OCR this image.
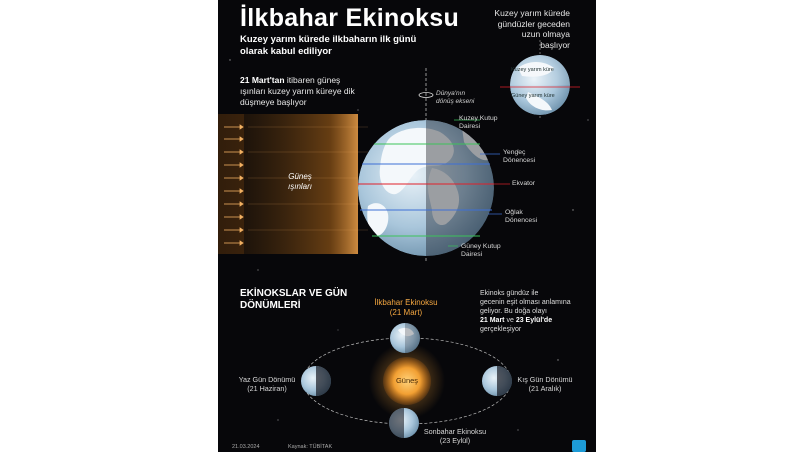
İlkbahar Ekinoksu
Kuzey yarım kürede ilkbaharın ilk günü
olarak kabul ediliyor
Kuzey yarım kürede
gündüzler geceden
uzun olmaya
başlıyor
Kuzey yarım küre
Güney yarım küre
21 Mart'tan itibaren güneş
ışınları kuzey yarım küreye dik
düşmeye başlıyor
Güneş
ışınları
Dünya'nın
dönüş ekseni
Kuzey Kutup
Dairesi
Yengeç
Dönencesi
Ekvator
Oğlak
Dönencesi
Güney Kutup
Dairesi
EKİNOKSLAR VE GÜN
DÖNÜMLERİ
Ekinoks gündüz ile
gecenin eşit olması anlamına
geliyor. Bu doğa olayı
21 Mart ve 23 Eylül'de
gerçekleşiyor
İlkbahar Ekinoksu
(21 Mart)
Yaz Gün Dönümü
(21 Haziran)
Kış Gün Dönümü
(21 Aralık)
Sonbahar Ekinoksu
(23 Eylül)
Güneş
21.03.2024	Kaynak: TÜBİTAK
